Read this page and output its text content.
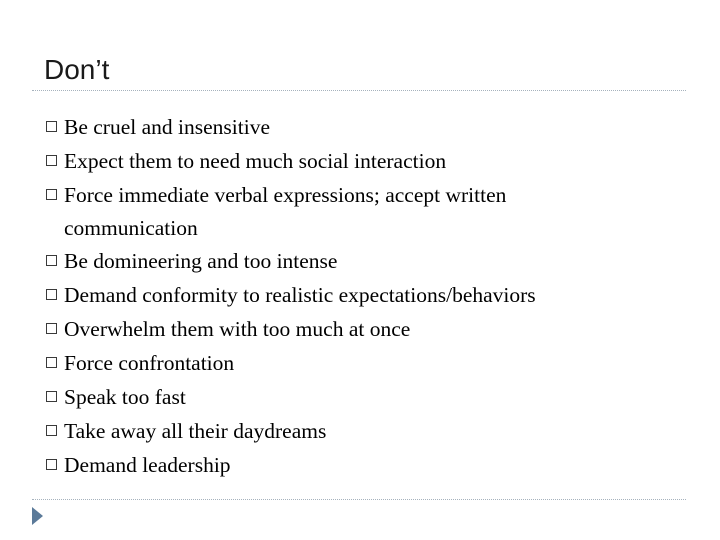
Don’t
Be cruel and insensitive
Expect them to need much social interaction
Force immediate verbal expressions; accept written
communication
Be domineering and too intense
Demand conformity to realistic expectations/behaviors
Overwhelm them with too much at once
Force confrontation
Speak too fast
Take away all their daydreams
Demand leadership
